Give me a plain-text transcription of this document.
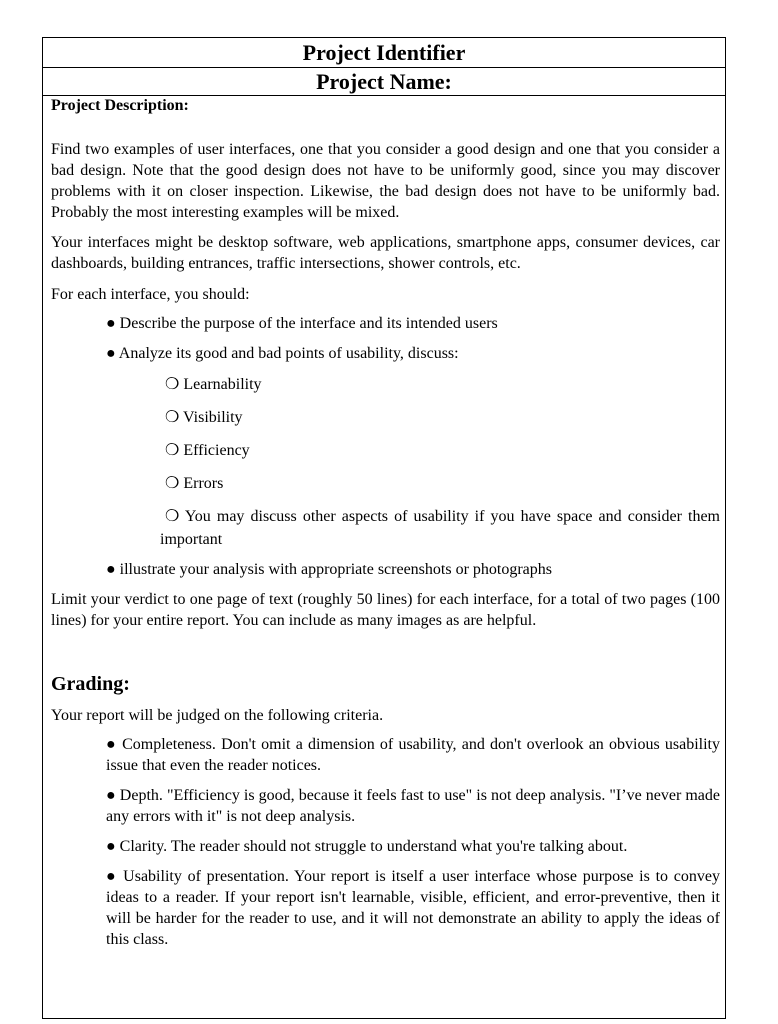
Project Identifier
Project Name:
Project Description:
Find two examples of user interfaces, one that you consider a good design and one that you consider a bad design. Note that the good design does not have to be uniformly good, since you may discover problems with it on closer inspection. Likewise, the bad design does not have to be uniformly bad. Probably the most interesting examples will be mixed.
Your interfaces might be desktop software, web applications, smartphone apps, consumer devices, car dashboards, building entrances, traffic intersections, shower controls, etc.
For each interface, you should:
● Describe the purpose of the interface and its intended users
● Analyze its good and bad points of usability, discuss:
❍ Learnability
❍ Visibility
❍ Efficiency
❍ Errors
❍ You may discuss other aspects of usability if you have space and consider them important
● illustrate your analysis with appropriate screenshots or photographs
Limit your verdict to one page of text (roughly 50 lines) for each interface, for a total of two pages (100 lines) for your entire report. You can include as many images as are helpful.
Grading:
Your report will be judged on the following criteria.
● Completeness. Don't omit a dimension of usability, and don't overlook an obvious usability issue that even the reader notices.
● Depth. "Efficiency is good, because it feels fast to use" is not deep analysis. "I’ve never made any errors with it" is not deep analysis.
● Clarity. The reader should not struggle to understand what you're talking about.
● Usability of presentation. Your report is itself a user interface whose purpose is to convey ideas to a reader. If your report isn't learnable, visible, efficient, and error-preventive, then it will be harder for the reader to use, and it will not demonstrate an ability to apply the ideas of this class.
